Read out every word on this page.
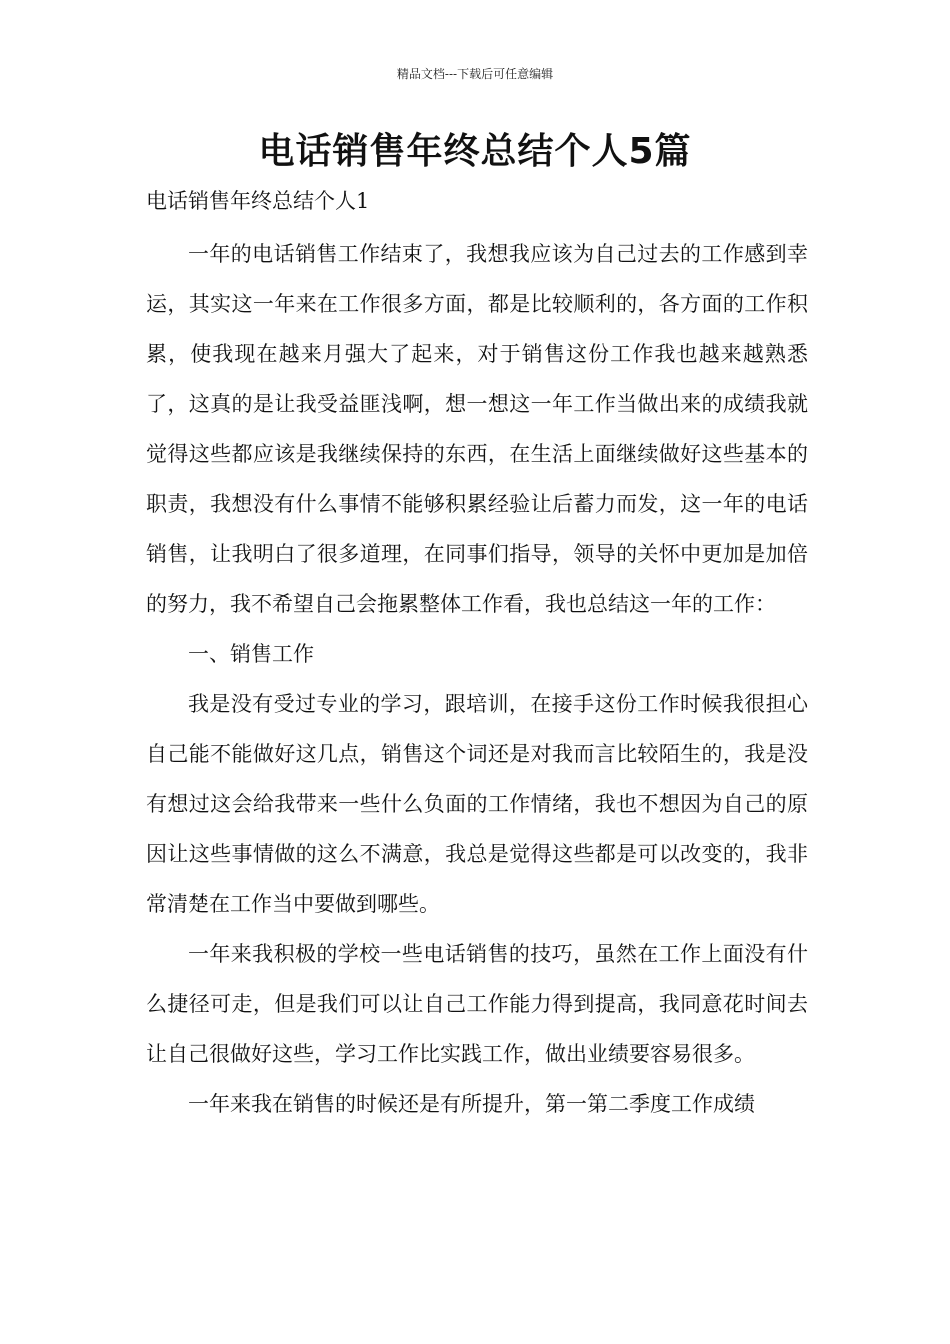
精品文档---下载后可任意编辑
电话销售年终总结个人5篇
电话销售年终总结个人1

一年的电话销售工作结束了，我想我应该为自己过去的工作感到幸运，其实这一年来在工作很多方面，都是比较顺利的，各方面的工作积累，使我现在越来月强大了起来，对于销售这份工作我也越来越熟悉了，这真的是让我受益匪浅啊，想一想这一年工作当做出来的成绩我就觉得这些都应该是我继续保持的东西，在生活上面继续做好这些基本的职责，我想没有什么事情不能够积累经验让后蓄力而发，这一年的电话销售，让我明白了很多道理，在同事们指导，领导的关怀中更加是加倍的努力，我不希望自己会拖累整体工作看，我也总结这一年的工作：

一、销售工作

我是没有受过专业的学习，跟培训，在接手这份工作时候我很担心自己能不能做好这几点，销售这个词还是对我而言比较陌生的，我是没有想过这会给我带来一些什么负面的工作情绪，我也不想因为自己的原因让这些事情做的这么不满意，我总是觉得这些都是可以改变的，我非常清楚在工作当中要做到哪些。

一年来我积极的学校一些电话销售的技巧，虽然在工作上面没有什么捷径可走，但是我们可以让自己工作能力得到提高，我同意花时间去让自己很做好这些，学习工作比实践工作，做出业绩要容易很多。

一年来我在销售的时候还是有所提升，第一第二季度工作成绩
